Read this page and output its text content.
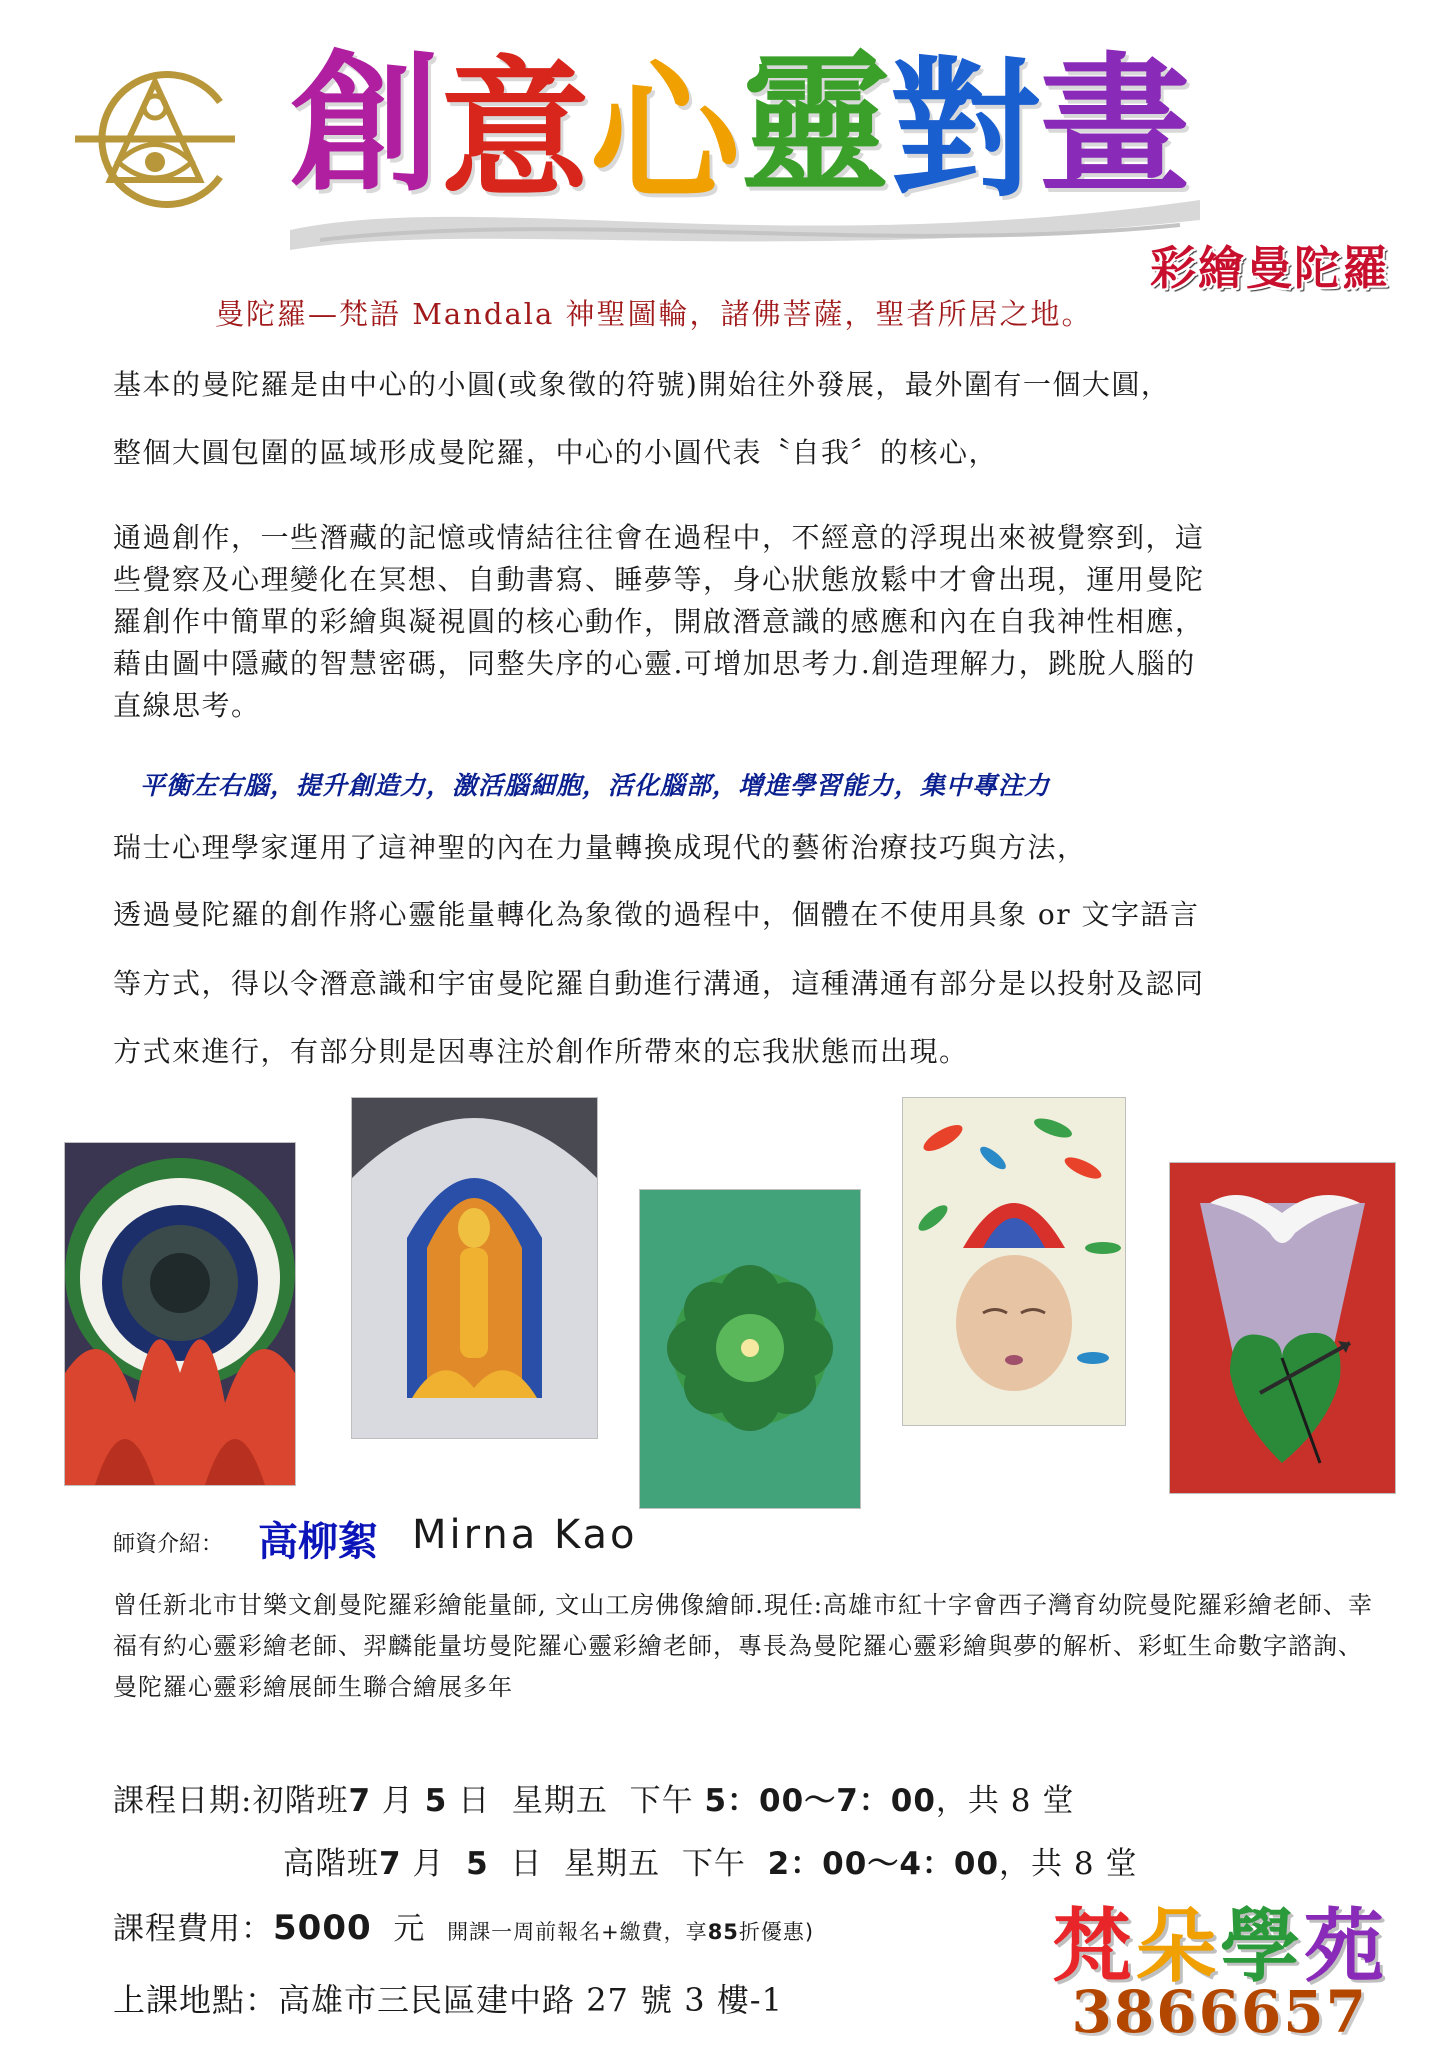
創 意 心 靈 對 畫
彩繪曼陀羅
曼陀羅—梵語 Mandala 神聖圖輪，諸佛菩薩，聖者所居之地。
基本的曼陀羅是由中心的小圓(或象徵的符號)開始往外發展，最外圍有一個大圓，
整個大圓包圍的區域形成曼陀羅，中心的小圓代表〝自我〞的核心，
通過創作，一些潛藏的記憶或情結往往會在過程中，不經意的浮現出來被覺察到，這
些覺察及心理變化在冥想、自動書寫、睡夢等，身心狀態放鬆中才會出現，運用曼陀
羅創作中簡單的彩繪與凝視圓的核心動作，開啟潛意識的感應和內在自我神性相應，
藉由圖中隱藏的智慧密碼，同整失序的心靈.可增加思考力.創造理解力，跳脫人腦的
直線思考。
平衡左右腦，提升創造力，激活腦細胞，活化腦部，增進學習能力，集中專注力
瑞士心理學家運用了這神聖的內在力量轉換成現代的藝術治療技巧與方法，
透過曼陀羅的創作將心靈能量轉化為象徵的過程中，個體在不使用具象 or 文字語言
等方式，得以令潛意識和宇宙曼陀羅自動進行溝通，這種溝通有部分是以投射及認同
方式來進行，有部分則是因專注於創作所帶來的忘我狀態而出現。
師資介紹： 高柳絮 Mirna Kao
曾任新北市甘樂文創曼陀羅彩繪能量師, 文山工房佛像繪師.現任:高雄市紅十字會西子灣育幼院曼陀羅彩繪老師、幸福有約心靈彩繪老師、羿麟能量坊曼陀羅心靈彩繪老師，專長為曼陀羅心靈彩繪與夢的解析、彩虹生命數字諮詢、曼陀羅心靈彩繪展師生聯合繪展多年
課程日期:初階班7 月 5 日 星期五 下午 5：00～7：00，共 8 堂
高階班7 月 5 日 星期五 下午 2：00～4：00，共 8 堂
課程費用：5000 元 開課一周前報名+繳費，享85折優惠)
上課地點：高雄市三民區建中路 27 號 3 樓-1
梵朵學苑
3866657
